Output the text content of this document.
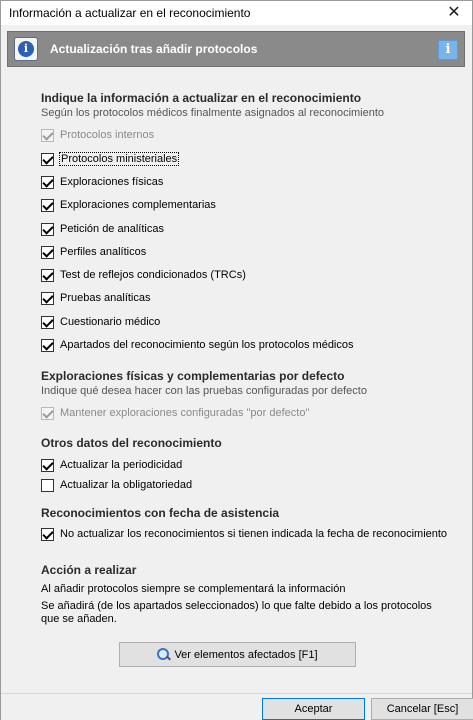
Información a actualizar en el reconocimiento	✕
i	Actualización tras añadir protocolos	i
Indique la información a actualizar en el reconocimiento
Según los protocolos médicos finalmente asignados al reconocimiento
Protocolos internos
Protocolos ministeriales
Exploraciones físicas
Exploraciones complementarias
Petición de analíticas
Perfiles analíticos
Test de reflejos condicionados (TRCs)
Pruebas analíticas
Cuestionario médico
Apartados del reconocimiento según los protocolos médicos
Exploraciones físicas y complementarias por defecto
Indique qué desea hacer con las pruebas configuradas por defecto
Mantener exploraciones configuradas "por defecto"
Otros datos del reconocimiento
Actualizar la periodicidad
Actualizar la obligatoriedad
Reconocimientos con fecha de asistencia
No actualizar los reconocimientos si tienen indicada la fecha de reconocimiento
Acción a realizar
Al añadir protocolos siempre se complementará la información
Se añadirá (de los apartados seleccionados) lo que falte debido a los protocolos
que se añaden.
Ver elementos afectados [F1]
Aceptar	Cancelar [Esc]
